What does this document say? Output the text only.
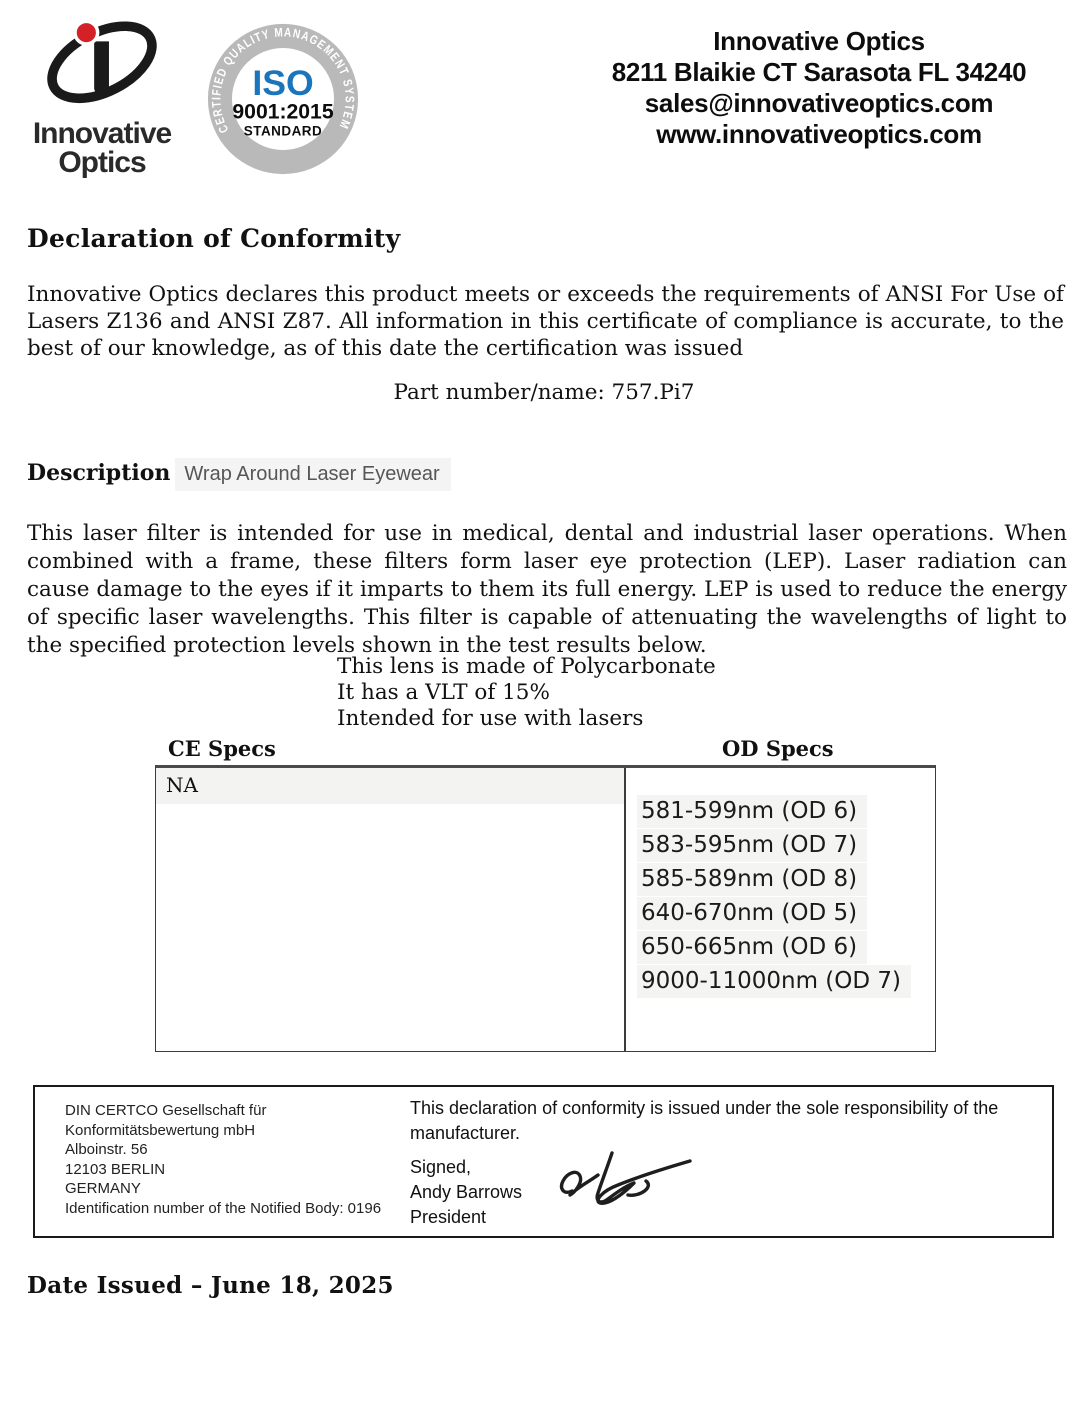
Innovative
Optics
CERTIFIED QUALITY MANAGEMENT SYSTEM
ISO
9001:2015
STANDARD
Innovative Optics
8211 Blaikie CT Sarasota FL 34240
sales@innovativeoptics.com
www.innovativeoptics.com
Declaration of Conformity
Innovative Optics declares this product meets or exceeds the requirements of ANSI For Use of Lasers Z136 and ANSI Z87. All information in this certificate of compliance is accurate, to the best of our knowledge, as of this date the certification was issued
Part number/name: 757.Pi7
Description Wrap Around Laser Eyewear
This laser filter is intended for use in medical, dental and industrial laser operations. When combined with a frame, these filters form laser eye protection (LEP). Laser radiation can cause damage to the eyes if it imparts to them its full energy. LEP is used to reduce the energy of specific laser wavelengths. This filter is capable of attenuating the wavelengths of light to the specified protection levels shown in the test results below.
This lens is made of Polycarbonate
It has a VLT of 15%
Intended for use with lasers
CE Specs	OD Specs
NA
581-599nm (OD 6)
583-595nm (OD 7)
585-589nm (OD 8)
640-670nm (OD 5)
650-665nm (OD 6)
9000-11000nm (OD 7)
DIN CERTCO Gesellschaft für
Konformitätsbewertung mbH
Alboinstr. 56
12103 BERLIN
GERMANY
Identification number of the Notified Body: 0196
This declaration of conformity is issued under the sole responsibility of the manufacturer.
Signed,
Andy Barrows
President
Date Issued – June 18, 2025
